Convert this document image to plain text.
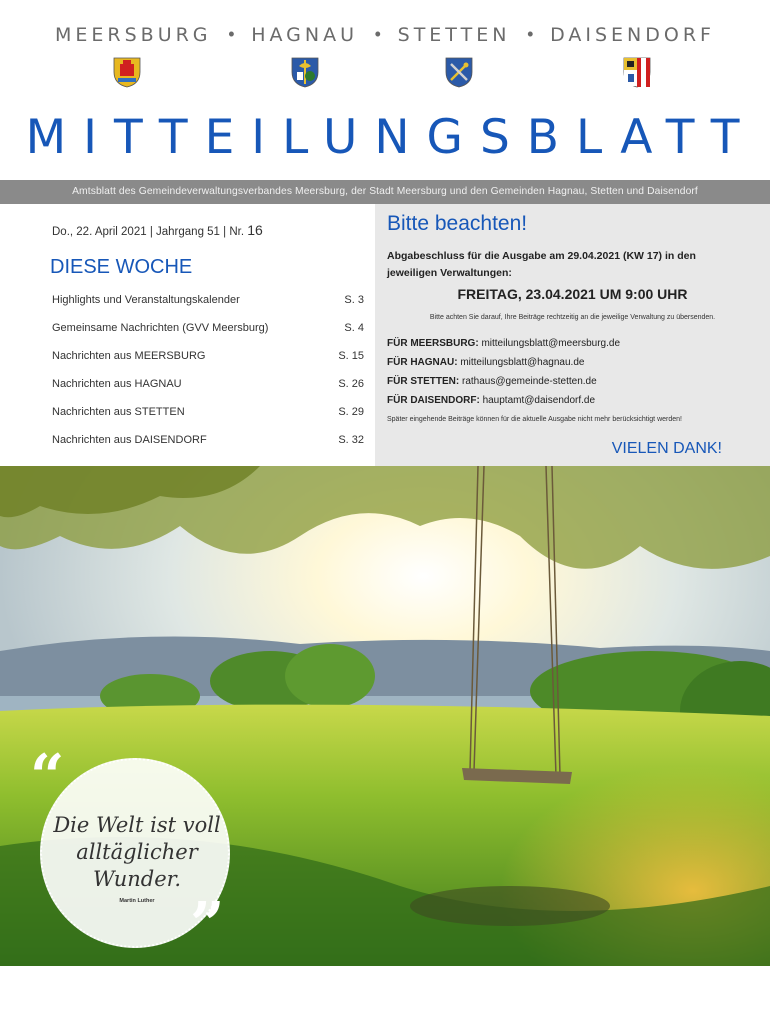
MEERSBURG • HAGNAU • STETTEN • DAISENDORF
MITTEILUNGSBLATT
Amtsblatt des Gemeindeverwaltungsverbandes Meersburg, der Stadt Meersburg und den Gemeinden Hagnau, Stetten und Daisendorf
Do., 22. April 2021 | Jahrgang 51 | Nr. 16
DIESE WOCHE
Highlights und Veranstaltungskalender	S. 3
Gemeinsame Nachrichten (GVV Meersburg)	S. 4
Nachrichten aus MEERSBURG	S. 15
Nachrichten aus HAGNAU	S. 26
Nachrichten aus STETTEN	S. 29
Nachrichten aus DAISENDORF	S. 32
Bitte beachten!
Abgabeschluss für die Ausgabe am 29.04.2021 (KW 17) in den jeweiligen Verwaltungen:
FREITAG, 23.04.2021 UM 9:00 UHR
Bitte achten Sie darauf, Ihre Beiträge rechtzeitig an die jeweilige Verwaltung zu übersenden.
FÜR MEERSBURG: mitteilungsblatt@meersburg.de
FÜR HAGNAU: mitteilungsblatt@hagnau.de
FÜR STETTEN: rathaus@gemeinde-stetten.de
FÜR DAISENDORF: hauptamt@daisendorf.de
Später eingehende Beiträge können für die aktuelle Ausgabe nicht mehr berücksichtigt werden!
VIELEN DANK!
“
”
Die Welt ist voll alltäglicher Wunder.
Martin Luther
